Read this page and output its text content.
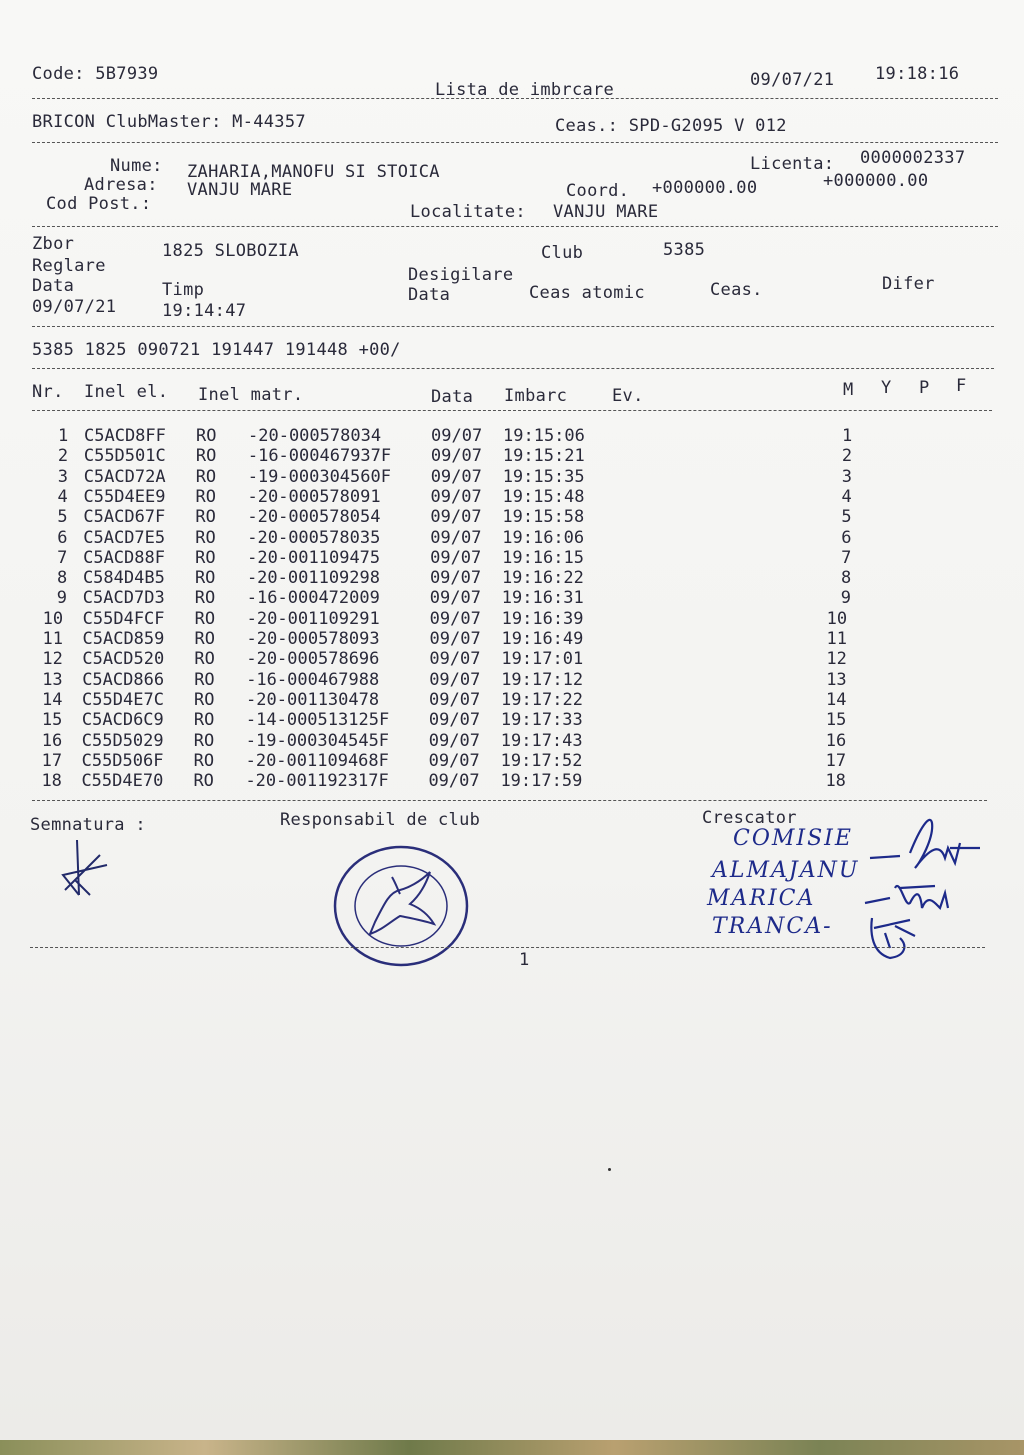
Code: 5B7939
Lista de imbrcare	09/07/21 19:18:16
BRICON ClubMaster: M-44357	Ceas.: SPD-G2095 V 012
Nume: ZAHARIA,MANOFU SI STOICA	Licenta: 0000002337
Adresa: VANJU MARE	Coord. +000000.00	+000000.00
Cod Post.:	Localitate: VANJU MARE
Zbor	1825 SLOBOZIA	Club	5385
Reglare	Desigilare
Data	Timp	Data	Ceas atomic	Ceas.	Difer
09/07/21	19:14:47
5385 1825 090721 191447 191448 +00/
Nr. Inel el. Inel matr.	Data Imbarc	Ev.	M Y P F
1 C5ACD8FF RO -20-000578034	09/07 19:15:06	1
2 C55D501C RO -16-000467937F 09/07 19:15:21	2
3 C5ACD72A RO -19-000304560F 09/07 19:15:35	3
4 C55D4EE9 RO -20-000578091	09/07 19:15:48	4
5 C5ACD67F RO -20-000578054	09/07 19:15:58	5
6 C5ACD7E5 RO -20-000578035	09/07 19:16:06	6
7 C5ACD88F RO -20-001109475	09/07 19:16:15	7
8 C584D4B5 RO -20-001109298	09/07 19:16:22	8
9 C5ACD7D3 RO -16-000472009	09/07 19:16:31	9
10 C55D4FCF RO -20-001109291	09/07 19:16:39	10
11 C5ACD859 RO -20-000578093	09/07 19:16:49	11
12 C5ACD520 RO -20-000578696	09/07 19:17:01	12
13 C5ACD866 RO -16-000467988	09/07 19:17:12	13
14 C55D4E7C RO -20-001130478	09/07 19:17:22	14
15 C5ACD6C9 RO -14-000513125F 09/07 19:17:33	15
16 C55D5029 RO -19-000304545F 09/07 19:17:43	16
17 C55D506F RO -20-001109468F 09/07 19:17:52	17
18 C55D4E70 RO -20-001192317F 09/07 19:17:59	18
Semnatura :	Responsabil de club	Crescator
COMISIE
ALMAJANU
MARICA
TRANCA-
1
